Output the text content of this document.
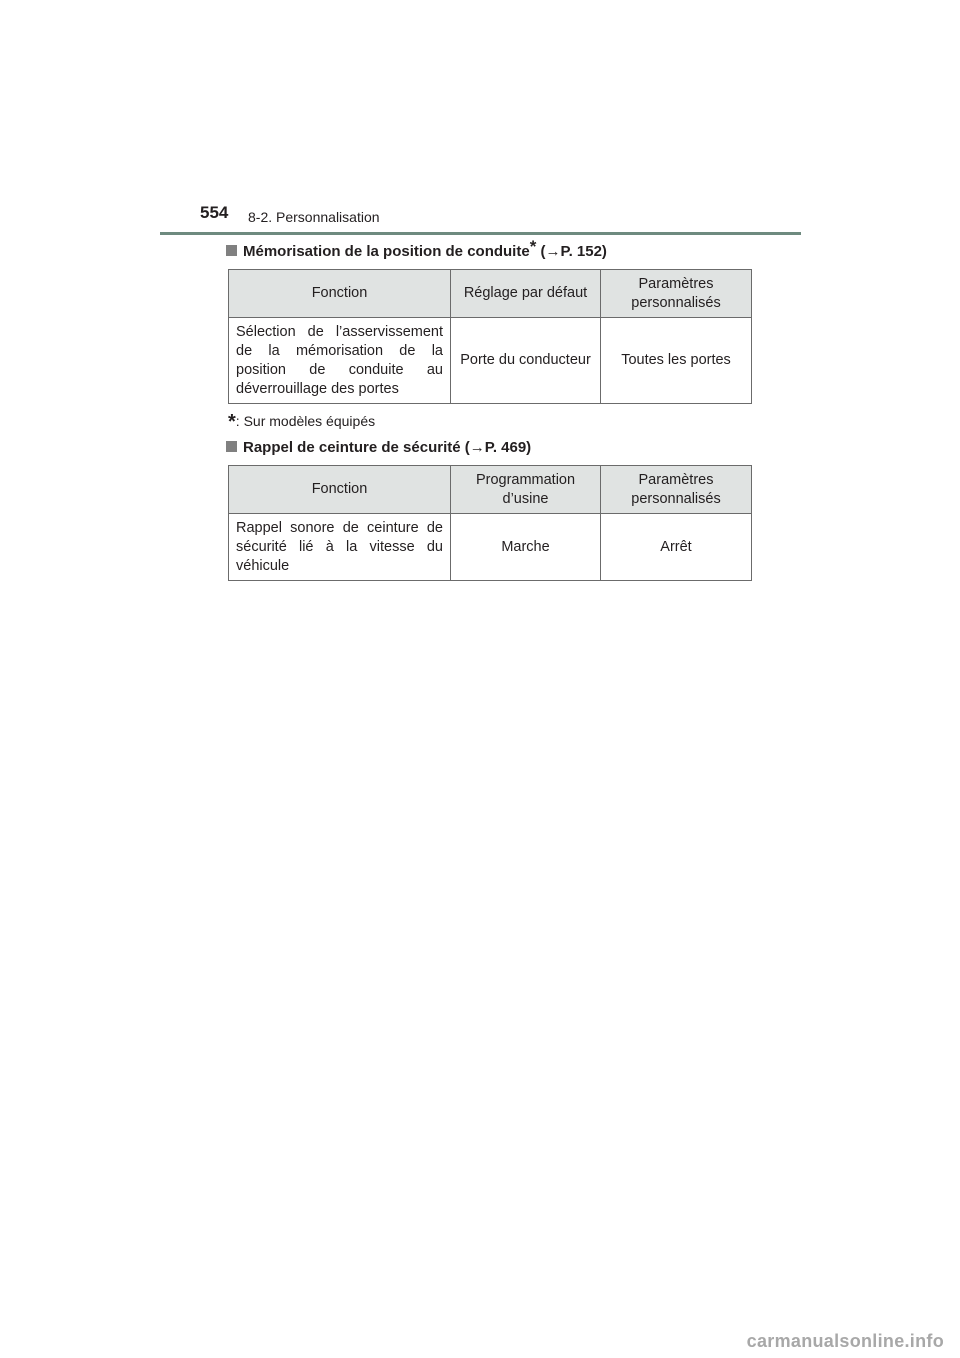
554 8-2. Personnalisation
Mémorisation de la position de conduite* (→P. 152)
Fonction	Réglage par défaut	Paramètres personnalisés
Sélection de l’asservissement de la mémorisation de la position de conduite au déverrouillage des portes	Porte du conducteur	Toutes les portes
*: Sur modèles équipés
Rappel de ceinture de sécurité (→P. 469)
Fonction	Programmation d’usine	Paramètres personnalisés
Rappel sonore de ceinture de sécurité lié à la vitesse du véhicule	Marche	Arrêt
carmanualsonline.info
